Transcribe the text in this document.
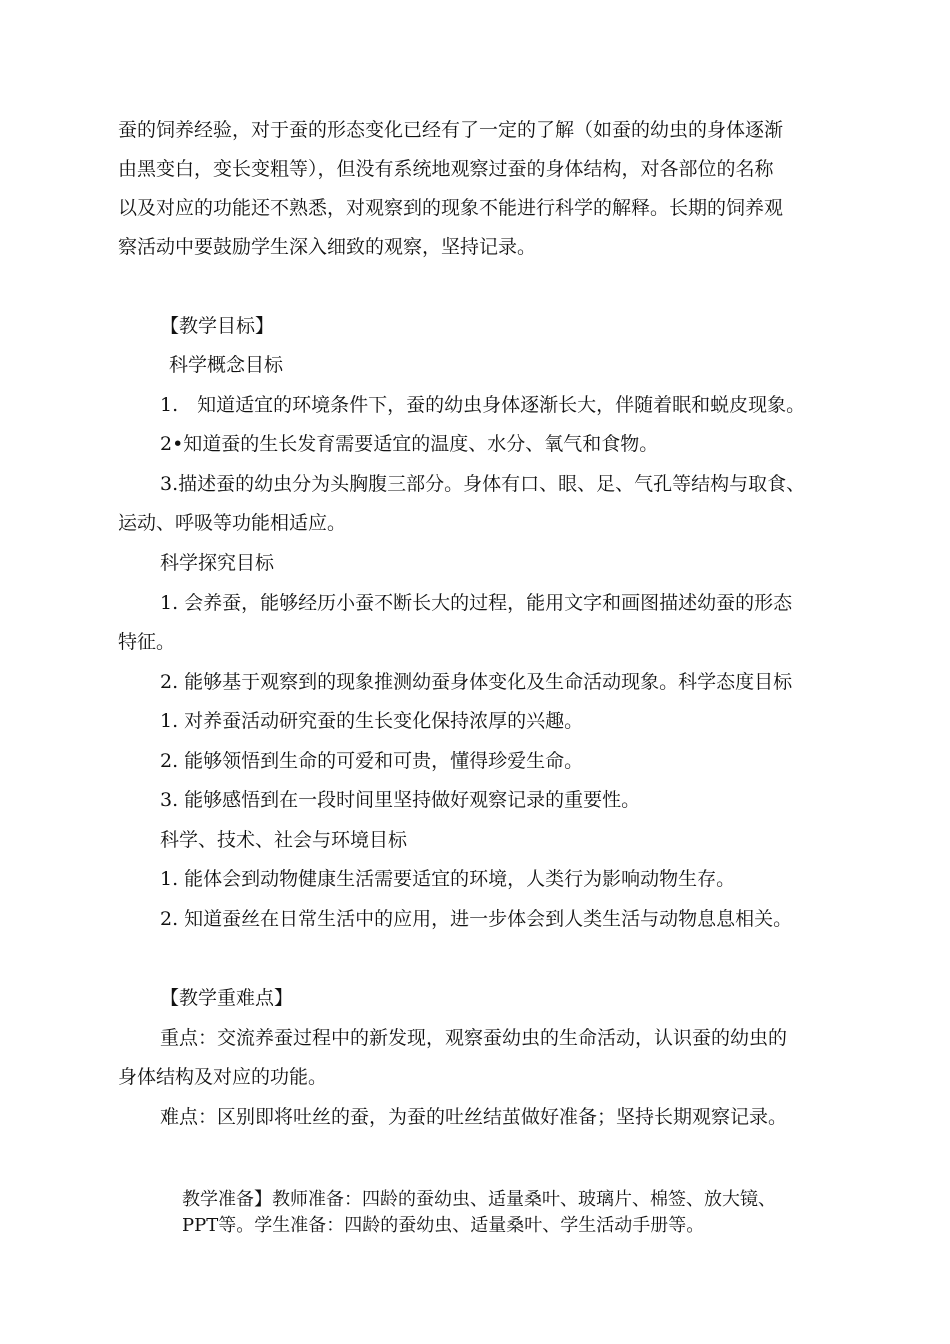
蚕的饲养经验，对于蚕的形态变化已经有了一定的了解（如蚕的幼虫的身体逐渐
由黑变白，变长变粗等），但没有系统地观察过蚕的身体结构，对各部位的名称
以及对应的功能还不熟悉，对观察到的现象不能进行科学的解释。长期的饲养观
察活动中要鼓励学生深入细致的观察，坚持记录。
【教学目标】
科学概念目标
1.　知道适宜的环境条件下，蚕的幼虫身体逐渐长大，伴随着眠和蜕皮现象。
2•知道蚕的生长发育需要适宜的温度、水分、氧气和食物。
3.描述蚕的幼虫分为头胸腹三部分。身体有口、眼、足、气孔等结构与取食、
运动、呼吸等功能相适应。
科学探究目标
1. 会养蚕，能够经历小蚕不断长大的过程，能用文字和画图描述幼蚕的形态
特征。
2. 能够基于观察到的现象推测幼蚕身体变化及生命活动现象。科学态度目标
1. 对养蚕活动研究蚕的生长变化保持浓厚的兴趣。
2. 能够领悟到生命的可爱和可贵，懂得珍爱生命。
3. 能够感悟到在一段时间里坚持做好观察记录的重要性。
科学、技术、社会与环境目标
1. 能体会到动物健康生活需要适宜的环境，人类行为影响动物生存。
2. 知道蚕丝在日常生活中的应用，进一步体会到人类生活与动物息息相关。
【教学重难点】
重点：交流养蚕过程中的新发现，观察蚕幼虫的生命活动，认识蚕的幼虫的
身体结构及对应的功能。
难点：区别即将吐丝的蚕，为蚕的吐丝结茧做好准备；坚持长期观察记录。
教学准备】教师准备：四龄的蚕幼虫、适量桑叶、玻璃片、棉签、放大镜、
PPT等。学生准备：四龄的蚕幼虫、适量桑叶、学生活动手册等。
